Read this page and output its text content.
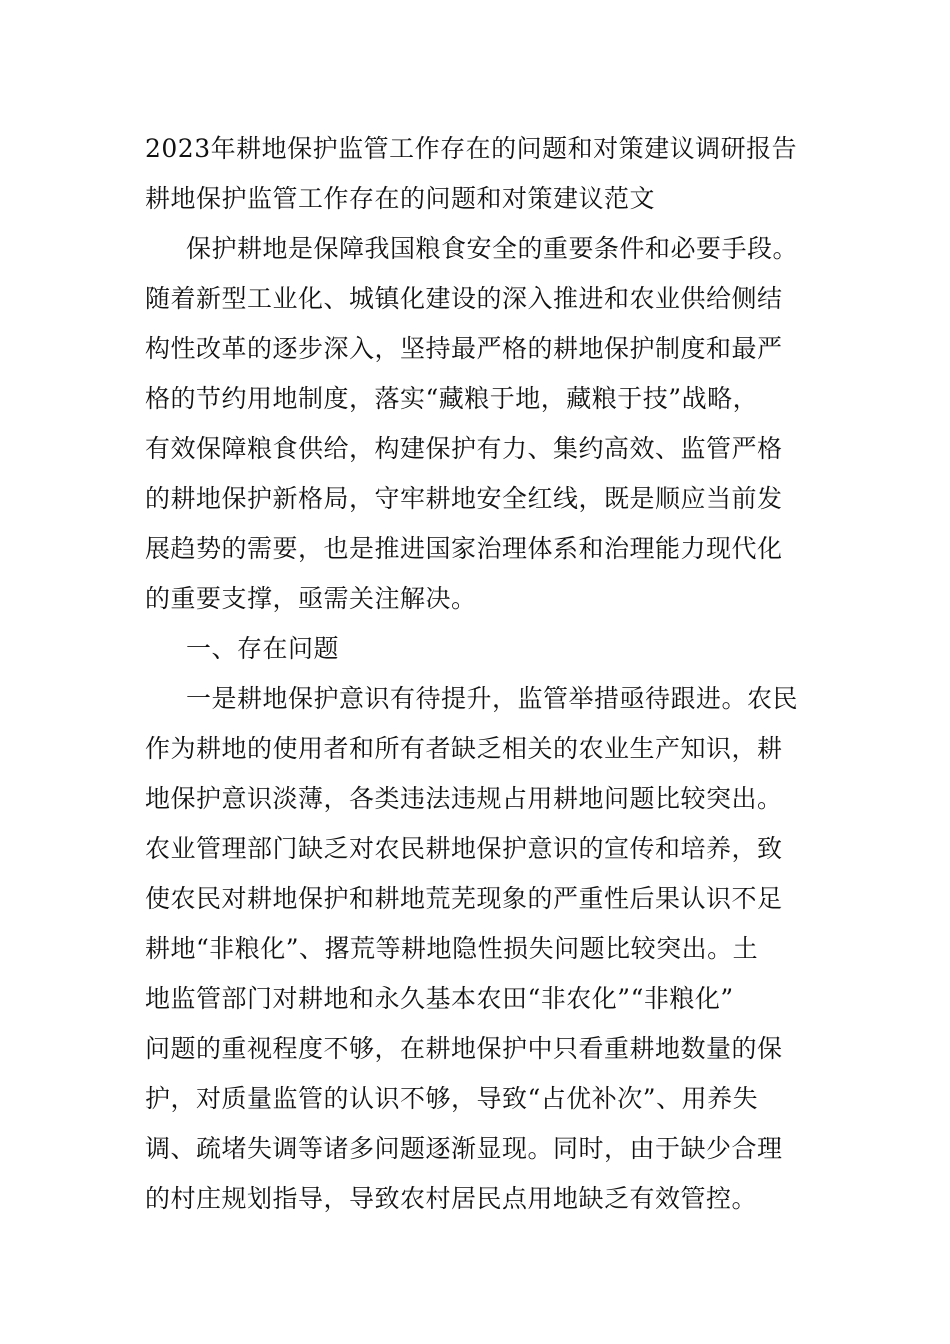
2023年耕地保护监管工作存在的问题和对策建议调研报告
耕地保护监管工作存在的问题和对策建议范文
保护耕地是保障我国粮食安全的重要条件和必要手段。
随着新型工业化、城镇化建设的深入推进和农业供给侧结
构性改革的逐步深入，坚持最严格的耕地保护制度和最严
格的节约用地制度，落实“藏粮于地，藏粮于技”战略，
有效保障粮食供给，构建保护有力、集约高效、监管严格
的耕地保护新格局，守牢耕地安全红线，既是顺应当前发
展趋势的需要，也是推进国家治理体系和治理能力现代化
的重要支撑，亟需关注解决。
一、存在问题
一是耕地保护意识有待提升，监管举措亟待跟进。农民
作为耕地的使用者和所有者缺乏相关的农业生产知识，耕
地保护意识淡薄，各类违法违规占用耕地问题比较突出。
农业管理部门缺乏对农民耕地保护意识的宣传和培养，致
使农民对耕地保护和耕地荒芜现象的严重性后果认识不足
耕地“非粮化”、撂荒等耕地隐性损失问题比较突出。土
地监管部门对耕地和永久基本农田“非农化”“非粮化”
问题的重视程度不够，在耕地保护中只看重耕地数量的保
护，对质量监管的认识不够，导致“占优补次”、用养失
调、疏堵失调等诸多问题逐渐显现。同时，由于缺少合理
的村庄规划指导，导致农村居民点用地缺乏有效管控。
